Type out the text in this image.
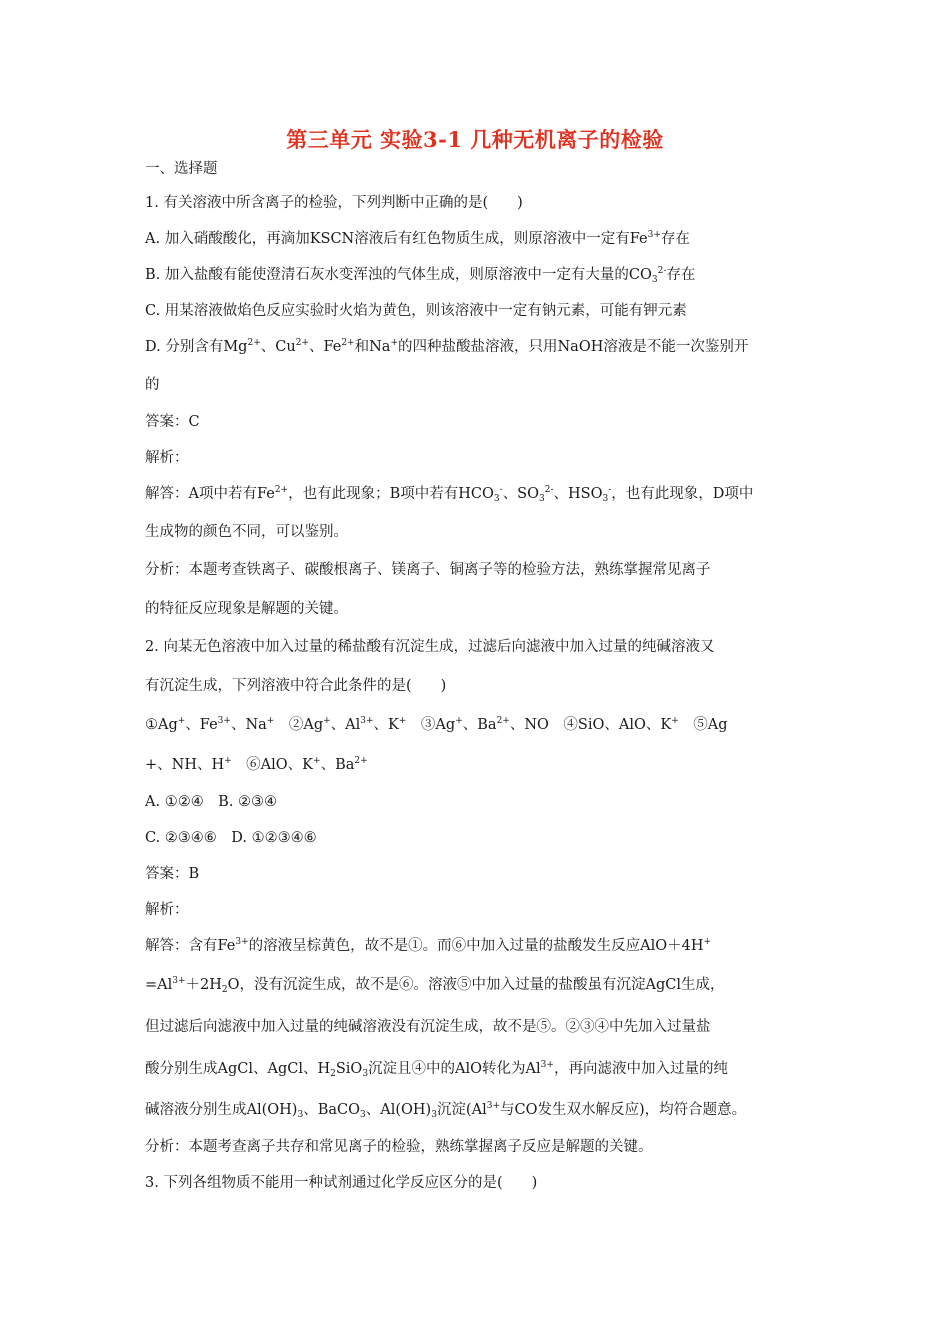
第三单元 实验3-1 几种无机离子的检验
一、选择题
1. 有关溶液中所含离子的检验，下列判断中正确的是(　　)
A. 加入硝酸酸化，再滴加KSCN溶液后有红色物质生成，则原溶液中一定有$Fe^{3+}$存在
B. 加入盐酸有能使澄清石灰水变浑浊的气体生成，则原溶液中一定有大量的$CO_3^{2-}$存在
C. 用某溶液做焰色反应实验时火焰为黄色，则该溶液中一定有钠元素，可能有钾元素
D. 分别含有$Mg^{2+}$、$Cu^{2+}$、$Fe^{2+}$和Na+的四种盐酸盐溶液，只用NaOH溶液是不能一次鉴别开
的
答案：C
解析：
解答：A项中若有$Fe^{2+}$，也有此现象；B项中若有$HCO_3^-$、$SO_3^{2-}$、$HSO_3^-$，也有此现象，D项中
生成物的颜色不同，可以鉴别。
分析：本题考查铁离子、碳酸根离子、镁离子、铜离子等的检验方法，熟练掌握常见离子
的特征反应现象是解题的关键。
2. 向某无色溶液中加入过量的稀盐酸有沉淀生成，过滤后向滤液中加入过量的纯碱溶液又
有沉淀生成，下列溶液中符合此条件的是(　　)
①Ag+、$Fe^{3+}$、Na+　②Ag+、$Al^{3+}$、K+　③Ag+、$Ba^{2+}$、NO　④SiO、AlO、K+　⑤Ag
+、NH、H+　⑥AlO、K+、$Ba^{2+}$
A. ①②④　B. ②③④
C. ②③④⑥　D. ①②③④⑥
答案：B
解析：
解答：含有$Fe^{3+}$的溶液呈棕黄色，故不是①。而⑥中加入过量的盐酸发生反应AlO＋4H+
$=Al^{3+}+2H_2O$，没有沉淀生成，故不是⑥。溶液⑤中加入过量的盐酸虽有沉淀AgCl生成，
但过滤后向滤液中加入过量的纯碱溶液没有沉淀生成，故不是⑤。②③④中先加入过量盐
酸分别生成AgCl、AgCl、$H_2SiO_3$沉淀且④中的AlO转化为$Al^{3+}$，再向滤液中加入过量的纯
碱溶液分别生成$Al(OH)_3$、BaCO$_3$、$Al(OH)_3$沉淀($Al^{3+}$与CO发生双水解反应)，均符合题意。
分析：本题考查离子共存和常见离子的检验，熟练掌握离子反应是解题的关键。
3. 下列各组物质不能用一种试剂通过化学反应区分的是(　　)
